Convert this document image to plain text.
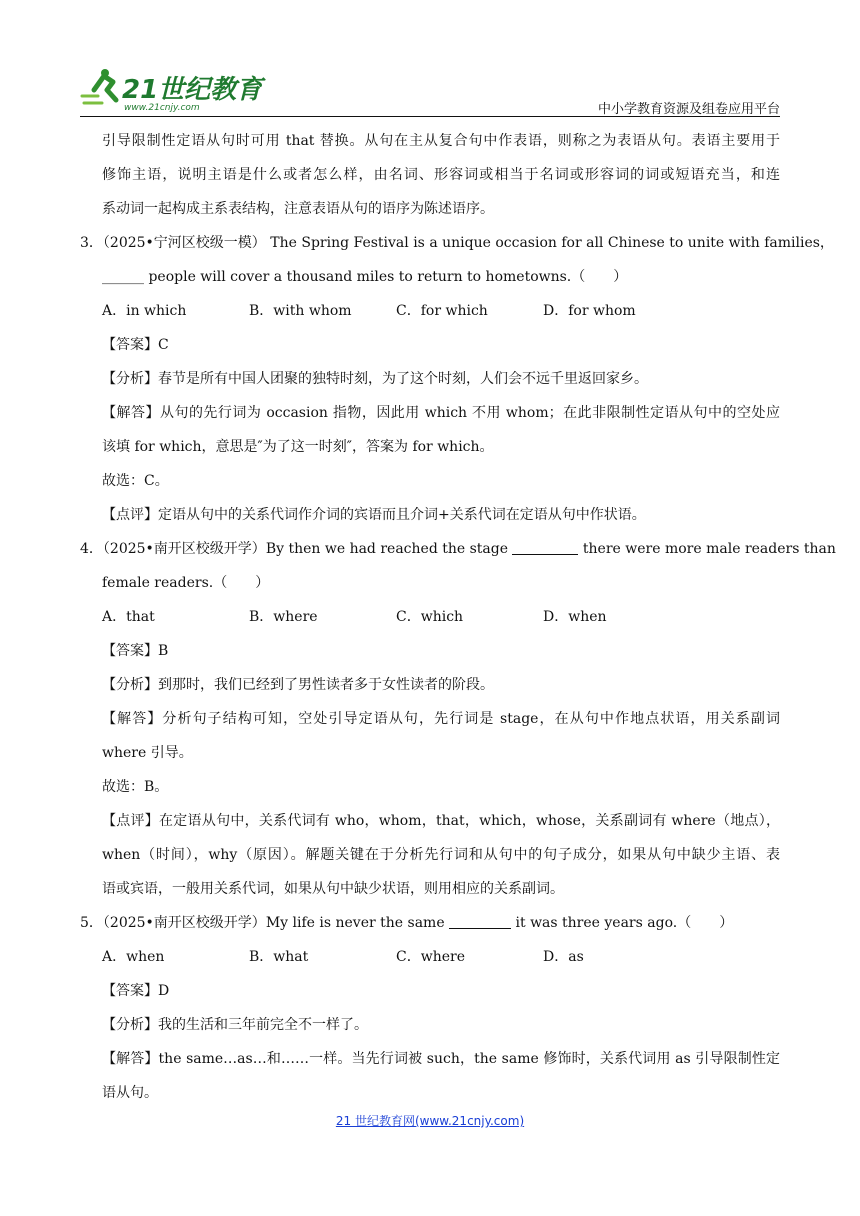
21世纪教育
www.21cnjy.com	中小学教育资源及组卷应用平台
引导限制性定语从句时可用 that 替换。从句在主从复合句中作表语，则称之为表语从句。表语主要用于
修饰主语，说明主语是什么或者怎么样，由名词、形容词或相当于名词或形容词的词或短语充当，和连
系动词一起构成主系表结构，注意表语从句的语序为陈述语序。
3．（2025•宁河区校级一模） The Spring Festival is a unique occasion for all Chinese to unite with families，
______ people will cover a thousand miles to return to hometowns.（　　）
A．in which	B．with whom	C．for which	D．for whom
【答案】C
【分析】春节是所有中国人团聚的独特时刻，为了这个时刻，人们会不远千里返回家乡。
【解答】从句的先行词为 occasion 指物，因此用 which 不用 whom；在此非限制性定语从句中的空处应
该填 for which，意思是″为了这一时刻″，答案为 for which。
故选：C。
【点评】定语从句中的关系代词作介词的宾语而且介词+关系代词在定语从句中作状语。
4．（2025•南开区校级开学）By then we had reached the stage	there were more male readers than
female readers.（　　）
A．that	B．where	C．which	D．when
【答案】B
【分析】到那时，我们已经到了男性读者多于女性读者的阶段。
【解答】分析句子结构可知，空处引导定语从句，先行词是 stage，在从句中作地点状语，用关系副词
where 引导。
故选：B。
【点评】在定语从句中，关系代词有 who，whom，that，which，whose，关系副词有 where（地点），
when（时间），why（原因）。解题关键在于分析先行词和从句中的句子成分，如果从句中缺少主语、表
语或宾语，一般用关系代词，如果从句中缺少状语，则用相应的关系副词。
5．（2025•南开区校级开学）My life is never the same	it was three years ago.（　　）
A．when	B．what	C．where	D．as
【答案】D
【分析】我的生活和三年前完全不一样了。
【解答】the same…as…和……一样。当先行词被 such，the same 修饰时，关系代词用 as 引导限制性定
语从句。
21 世纪教育网(www.21cnjy.com)
